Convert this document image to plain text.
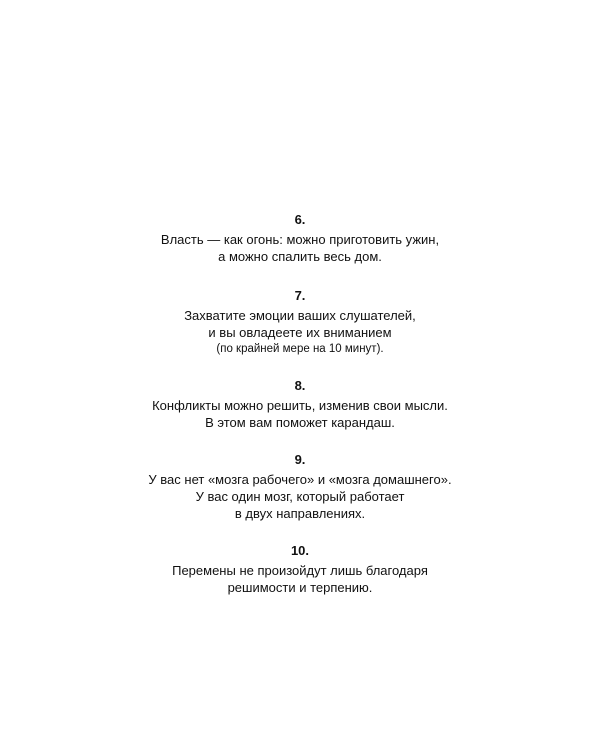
6.

Власть — как огонь: можно приготовить ужин,

а можно спалить весь дом.

7.

Захватите эмоции ваших слушателей,

и вы овладеете их вниманием

(по крайней мере на 10 минут).

8.

Конфликты можно решить, изменив свои мысли.

В этом вам поможет карандаш.

9.

У вас нет «мозга рабочего» и «мозга домашнего».

У вас один мозг, который работает

в двух направлениях.

10.

Перемены не произойдут лишь благодаря

решимости и терпению.
